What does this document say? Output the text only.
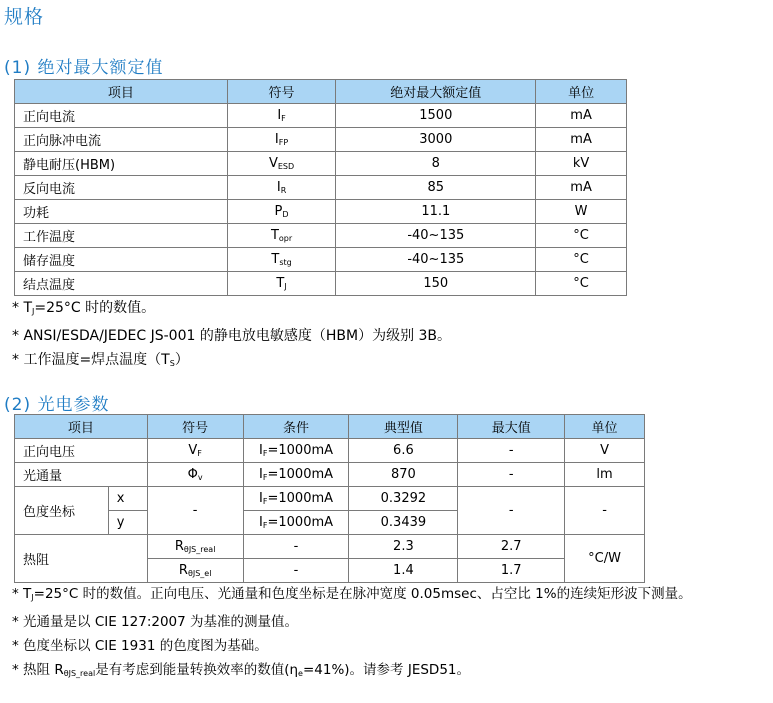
规格
(1) 绝对最大额定值
项目	符号	绝对最大额定值	单位
正向电流	$I_F$	1500	mA
正向脉冲电流	$I_{FP}$	3000	mA
静电耐压(HBM)	$V_{ESD}$	8	kV
反向电流	$I_R$	85	mA
功耗	$P_D$	11.1	W
工作温度	$T_{opr}$	-40~135	°C
储存温度	$T_{stg}$	-40~135	°C
结点温度	$T_J$	150	°C
* $T_J=25^\circ C$ 时的数值。
* ANSI/ESDA/JEDEC JS-001 的静电放电敏感度（HBM）为级别 3B。
* 工作温度=焊点温度$(T_S)$
(2) 光电参数
项目		符号	条件	典型值	最大值	单位
正向电压		$V_F$	$I_F=1000mA$	6.6	-	V
光通量		$\Phi_v$	$I_F=1000mA$	870	-	lm
色度坐标	x	-	$I_F=1000mA$	0.3292	-	-
	y		$I_F=1000mA$	0.3439		
热阻		$R_{\theta JS\_real}$	-	2.3	2.7	°C/W
		$R_{\theta JS\_el}$	-	1.4	1.7	
* $T_J=25^\circ C$ 时的数值。正向电压、光通量和色度坐标是在脉冲宽度 0.05msec、占空比 1%的连续矩形波下测量。
* 光通量是以 CIE 127:2007 为基准的测量值。
* 色度坐标以 CIE 1931 的色度图为基础。
* 热阻 $R_{\theta JS\_real}$是有考虑到能量转换效率的数值$(\eta_e=41\%)$。请参考 JESD51。
